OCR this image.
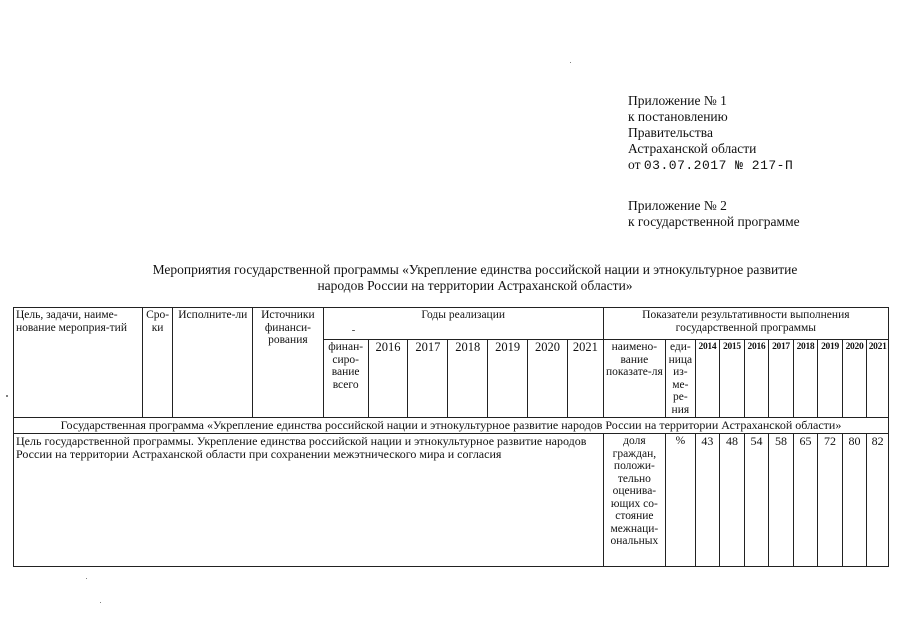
Приложение № 1
к постановлению
Правительства
Астраханской области
от 03.07.2017 № 217-П
Приложение № 2
к государственной программе
Мероприятия государственной программы «Укрепление единства российской нации и этнокультурное развитие
народов России на территории Астраханской области»
Цель, задачи, наиме-нование мероприя-тий	Сро-ки	Исполните-ли	Источники финанси-рования	Годы реализации							Показатели результативности выполнения государственной программы									
				финан-сиро-вание всего	2016	2017	2018	2019	2020	2021	наимено-вание показате-ля	еди-ница из-ме-ре-ния	2014	2015	2016	2017	2018	2019	2020	2021
Государственная программа «Укрепление единства российской нации и этнокультурное развитие народов России на территории Астраханской области»																				
Цель государственной программы. Укрепление единства российской нации и этнокультурное развитие народов России на территории Астраханской области при сохранении межэтнического мира и согласия											доля граждан, положи-тельно оценива-ющих со-стояние межнаци-ональных	%	43	48	54	58	65	72	80	82
